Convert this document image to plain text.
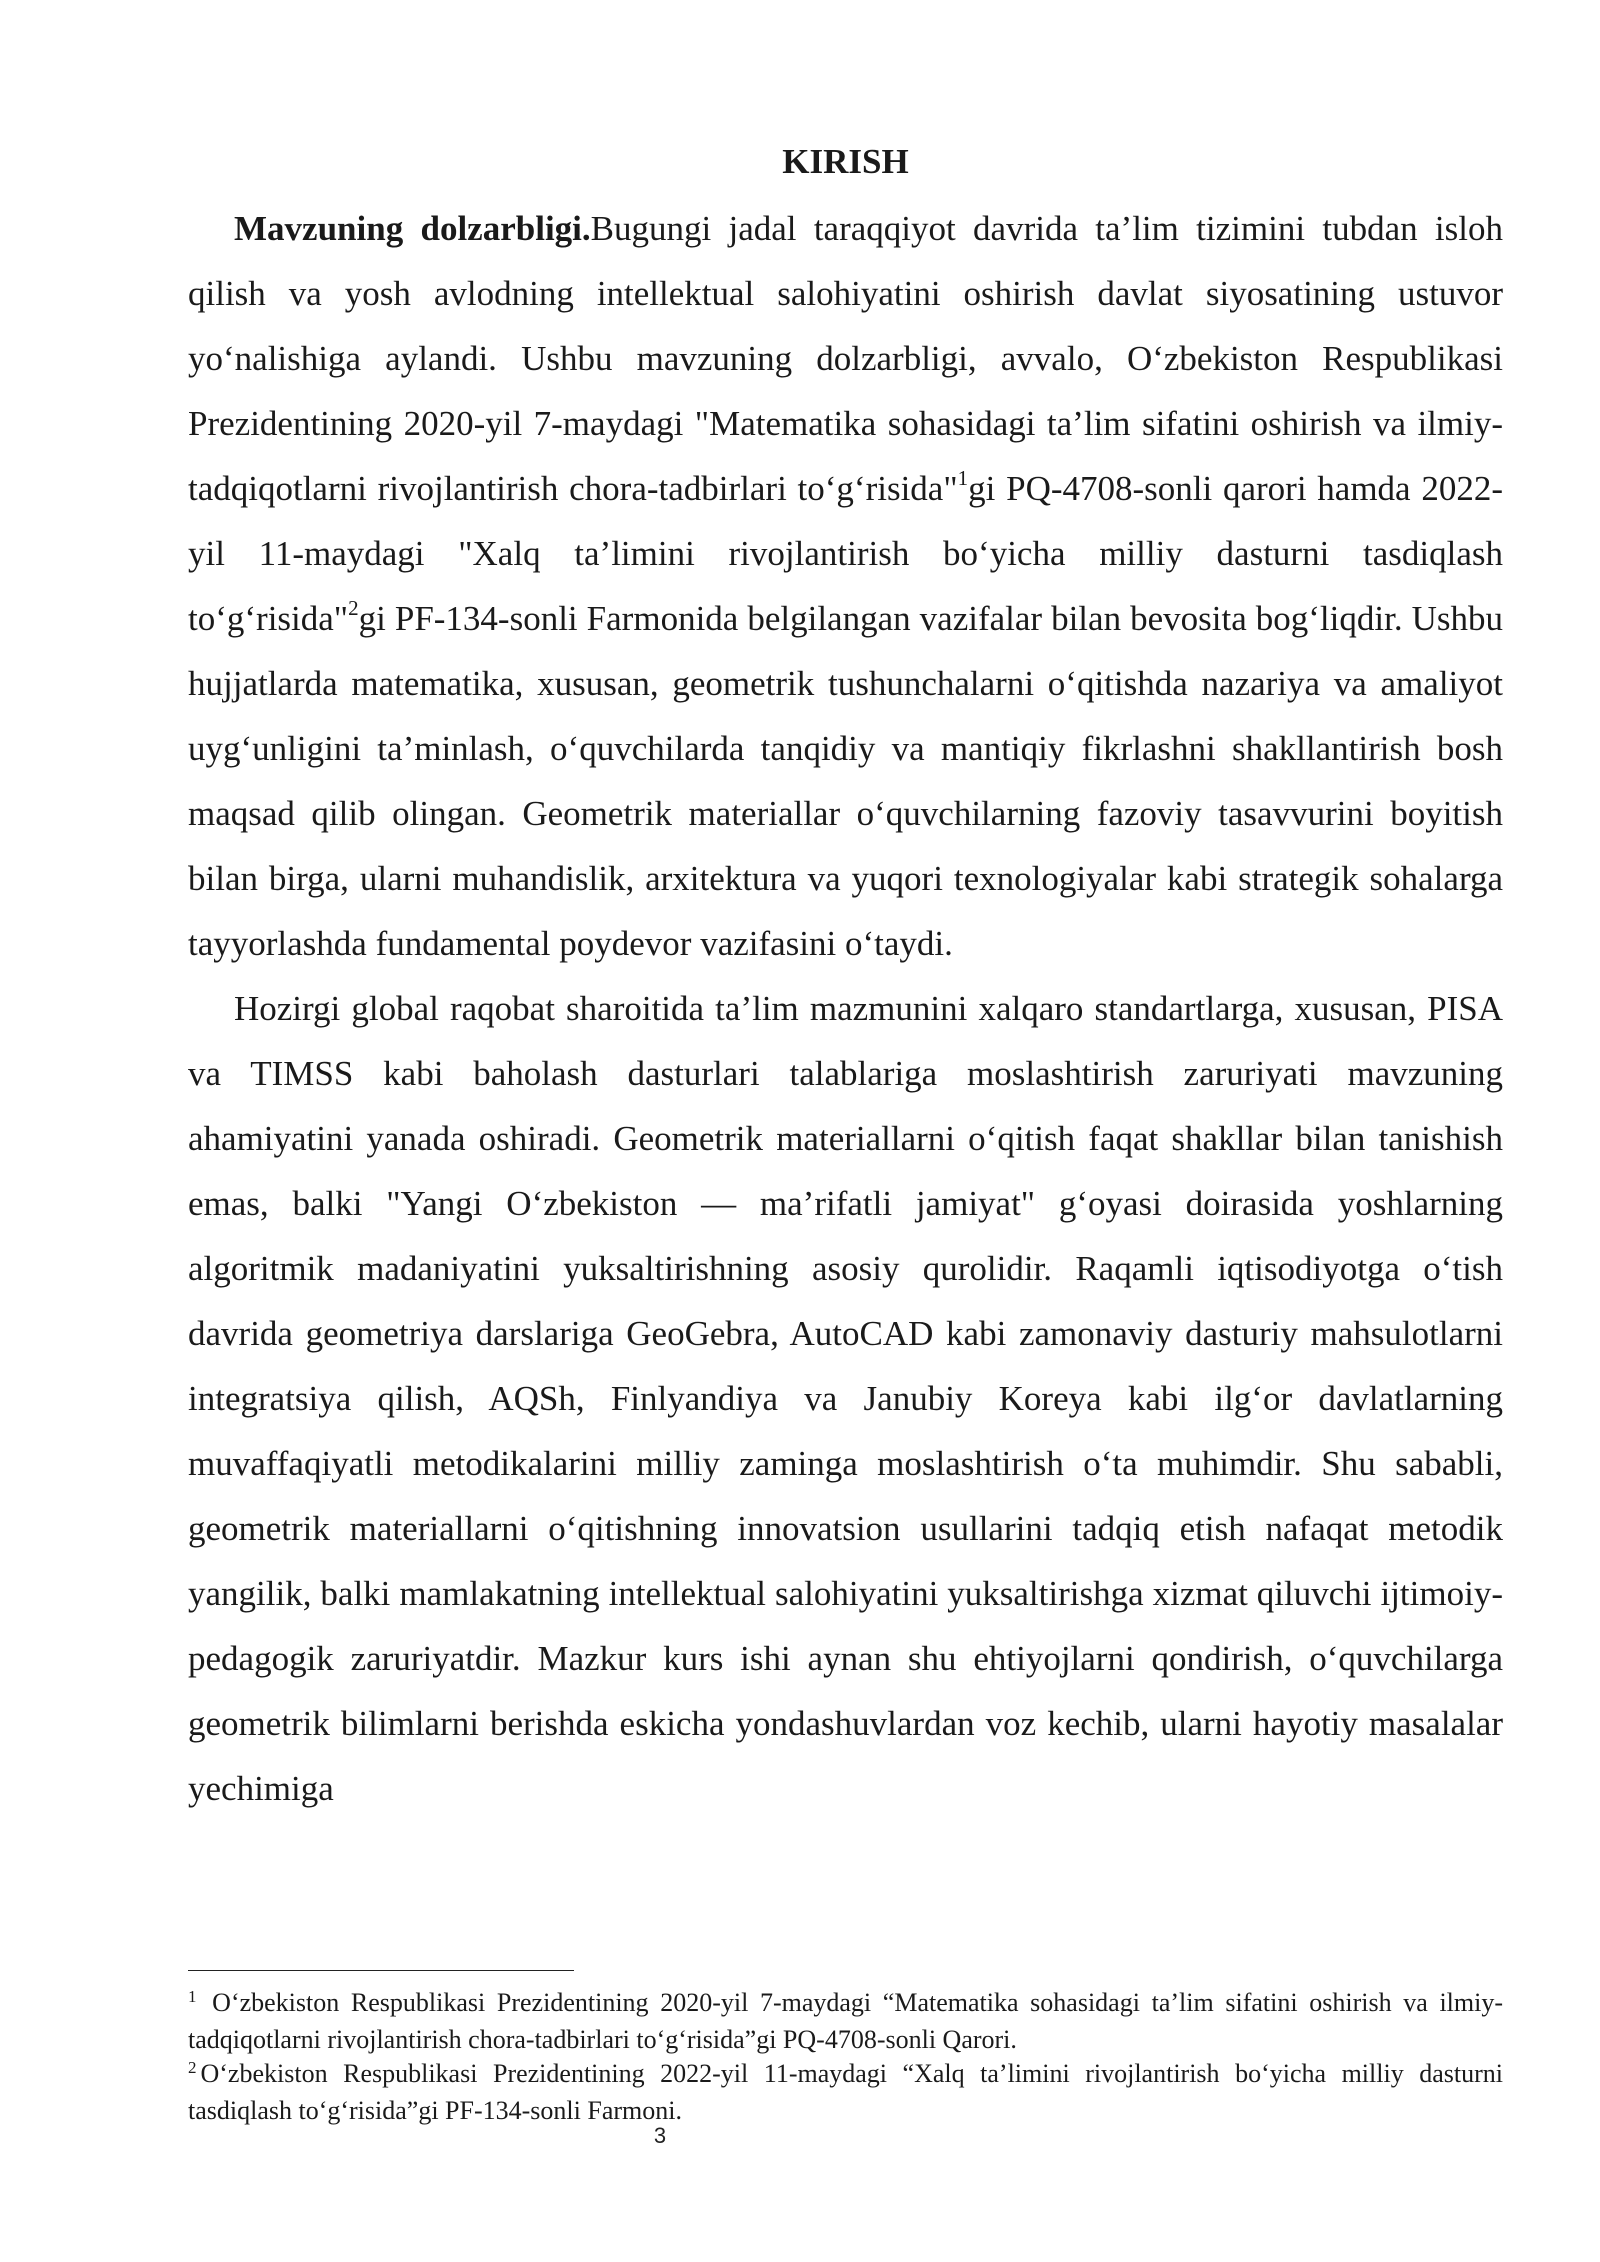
KIRISH

Mavzuning dolzarbligi.Bugungi jadal taraqqiyot davrida ta’lim tizimini tubdan isloh qilish va yosh avlodning intellektual salohiyatini oshirish davlat siyosatining ustuvor yo‘nalishiga aylandi. Ushbu mavzuning dolzarbligi, avvalo, O‘zbekiston Respublikasi Prezidentining 2020-yil 7-maydagi "Matematika sohasidagi ta’lim sifatini oshirish va ilmiy-tadqiqotlarni rivojlantirish chora-tadbirlari to‘g‘risida"$^1$gi PQ-4708-sonli qarori hamda 2022-yil 11-maydagi "Xalq ta’limini rivojlantirish bo‘yicha milliy dasturni tasdiqlash to‘g‘risida"$^2$gi PF-134-sonli Farmonida belgilangan vazifalar bilan bevosita bog‘liqdir. Ushbu hujjatlarda matematika, xususan, geometrik tushunchalarni o‘qitishda nazariya va amaliyot uyg‘unligini ta’minlash, o‘quvchilarda tanqidiy va mantiqiy fikrlashni shakllantirish bosh maqsad qilib olingan. Geometrik materiallar o‘quvchilarning fazoviy tasavvurini boyitish bilan birga, ularni muhandislik, arxitektura va yuqori texnologiyalar kabi strategik sohalarga tayyorlashda fundamental poydevor vazifasini o‘taydi.

Hozirgi global raqobat sharoitida ta’lim mazmunini xalqaro standartlarga, xususan, PISA va TIMSS kabi baholash dasturlari talablariga moslashtirish zaruriyati mavzuning ahamiyatini yanada oshiradi. Geometrik materiallarni o‘qitish faqat shakllar bilan tanishish emas, balki "Yangi O‘zbekiston — ma’rifatli jamiyat" g‘oyasi doirasida yoshlarning algoritmik madaniyatini yuksaltirishning asosiy qurolidir. Raqamli iqtisodiyotga o‘tish davrida geometriya darslariga GeoGebra, AutoCAD kabi zamonaviy dasturiy mahsulotlarni integratsiya qilish, AQSh, Finlyandiya va Janubiy Koreya kabi ilg‘or davlatlarning muvaffaqiyatli metodikalarini milliy zaminga moslashtirish o‘ta muhimdir. Shu sababli, geometrik materiallarni o‘qitishning innovatsion usullarini tadqiq etish nafaqat metodik yangilik, balki mamlakatning intellektual salohiyatini yuksaltirishga xizmat qiluvchi ijtimoiy-pedagogik zaruriyatdir. Mazkur kurs ishi aynan shu ehtiyojlarni qondirish, o‘quvchilarga geometrik bilimlarni berishda eskicha yondashuvlardan voz kechib, ularni hayotiy masalalar yechimiga

$^1$ O‘zbekiston Respublikasi Prezidentining 2020-yil 7-maydagi “Matematika sohasidagi ta’lim sifatini oshirish va ilmiy-tadqiqotlarni rivojlantirish chora-tadbirlari to‘g‘risida”gi PQ-4708-sonli Qarori.

$^2$ O‘zbekiston Respublikasi Prezidentining 2022-yil 11-maydagi “Xalq ta’limini rivojlantirish bo‘yicha milliy dasturni tasdiqlash to‘g‘risida”gi PF-134-sonli Farmoni.

3
